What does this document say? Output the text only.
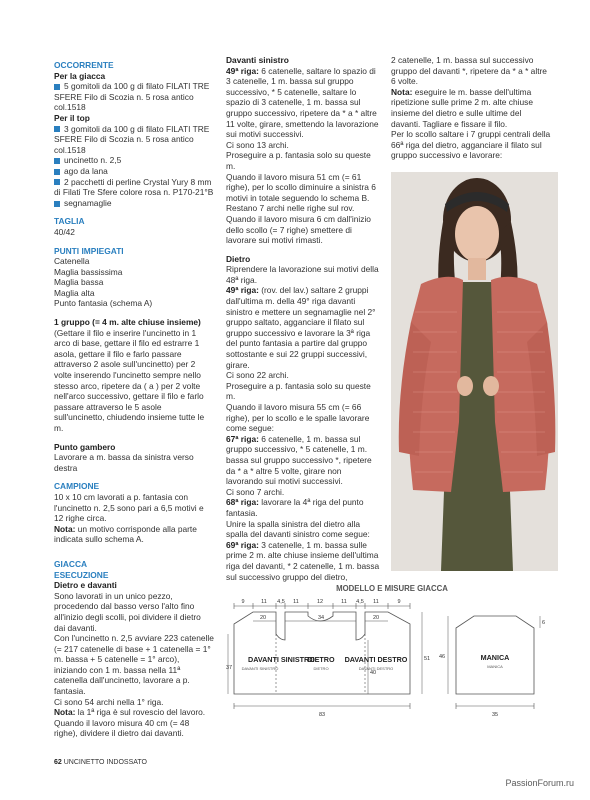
OCCORRENTE

Per la giacca

5 gomitoli da 100 g di filato FILATI TRE SFERE Filo di Scozia n. 5 rosa antico col.1518

Per il top

3 gomitoli da 100 g di filato FILATI TRE SFERE Filo di Scozia n. 5 rosa antico col.1518

uncinetto n. 2,5

ago da lana

2 pacchetti di perline Crystal Yury 8 mm di Filati Tre Sfere colore rosa n. P170-21°B

segnamaglie

TAGLIA

40/42

PUNTI IMPIEGATI

Catenella

Maglia bassissima

Maglia bassa

Maglia alta

Punto fantasia (schema A)

1 gruppo (= 4 m. alte chiuse insieme)

(Gettare il filo e inserire l'uncinetto in 1 arco di base, gettare il filo ed estrarre 1 asola, gettare il filo e farlo passare attraverso 2 asole sull'uncinetto) per 2 volte inserendo l'uncinetto sempre nello stesso arco, ripetere da ( a ) per 2 volte nell'arco successivo, gettare il filo e farlo passare attraverso le 5 asole sull'uncinetto, chiudendo insieme tutte le m.

Punto gambero

Lavorare a m. bassa da sinistra verso destra

CAMPIONE

10 x 10 cm lavorati a p. fantasia con l'uncinetto n. 2,5 sono pari a 6,5 motivi e 12 righe circa.

Nota: un motivo corrisponde alla parte indicata sullo schema A.

GIACCA

ESECUZIONE

Dietro e davanti

Sono lavorati in un unico pezzo, procedendo dal basso verso l'alto fino all'inizio degli scolli, poi dividere il dietro dai davanti.

Con l'uncinetto n. 2,5 avviare 223 catenelle (= 217 catenelle di base + 1 catenella = 1° m. bassa + 5 catenelle = 1° arco), iniziando con 1 m. bassa nella 11ª catenella dall'uncinetto, lavorare a p. fantasia.

Ci sono 54 archi nella 1° riga.

Nota: la 1ª riga è sul rovescio del lavoro.

Quando il lavoro misura 40 cm (= 48 righe), dividere il dietro dai davanti.

Davanti sinistro

49ª riga: 6 catenelle, saltare lo spazio di 3 catenelle, 1 m. bassa sul gruppo successivo, * 5 catenelle, saltare lo spazio di 3 catenelle, 1 m. bassa sul gruppo successivo, ripetere da * a * altre 11 volte, girare, smettendo la lavorazione sui motivi successivi.

Ci sono 13 archi.

Proseguire a p. fantasia solo su queste m.

Quando il lavoro misura 51 cm (= 61 righe), per lo scollo diminuire a sinistra 6 motivi in totale seguendo lo schema B.

Restano 7 archi nelle righe sul rov.

Quando il lavoro misura 6 cm dall'inizio dello scollo (= 7 righe) smettere di lavorare sui motivi rimasti.

Dietro

Riprendere la lavorazione sui motivi della 48ª riga.

49ª riga: (rov. del lav.) saltare 2 gruppi dall'ultima m. della 49° riga davanti sinistro e mettere un segnamaglie nel 2° gruppo saltato, agganciare il filato sul gruppo successivo e lavorare la 3ª riga del punto fantasia a partire dal gruppo sottostante e sui 22 gruppi successivi, girare.

Ci sono 22 archi.

Proseguire a p. fantasia solo su queste m.

Quando il lavoro misura 55 cm (= 66 righe), per lo scollo e le spalle lavorare come segue:

67ª riga: 6 catenelle, 1 m. bassa sul gruppo successivo, * 5 catenelle, 1 m. bassa sul gruppo successivo *, ripetere da * a * altre 5 volte, girare non lavorando sui motivi successivi.

Ci sono 7 archi.

68ª riga: lavorare la 4ª riga del punto fantasia.

Unire la spalla sinistra del dietro alla spalla del davanti sinistro come segue:

69ª riga: 3 catenelle, 1 m. bassa sulle prime 2 m. alte chiuse insieme dell'ultima riga del davanti, * 2 catenelle, 1 m. bassa sul successivo gruppo del dietro,

2 catenelle, 1 m. bassa sul successivo gruppo del davanti *, ripetere da * a * altre 6 volte.

Nota: eseguire le m. basse dell'ultima ripetizione sulle prime 2 m. alte chiuse insieme del dietro e sulle ultime del davanti. Tagliare e fissare il filo.

Per lo scollo saltare i 7 gruppi centrali della 66ª riga del dietro, agganciare il filato sul gruppo successivo e lavorare:

MODELLO E MISURE GIACCA
9	11 4,5 11	12	11 4,5 11	9
20	34	20
37
40
51
DAVANTI SINISTRO
DAVANTI SINISTRO
DIETRO
DIETRO
DAVANTI DESTRO
DAVANTI DESTRO
83
6
46	MANICA
MANICA
35
62 UNCINETTO INDOSSATO
PassionForum.ru
